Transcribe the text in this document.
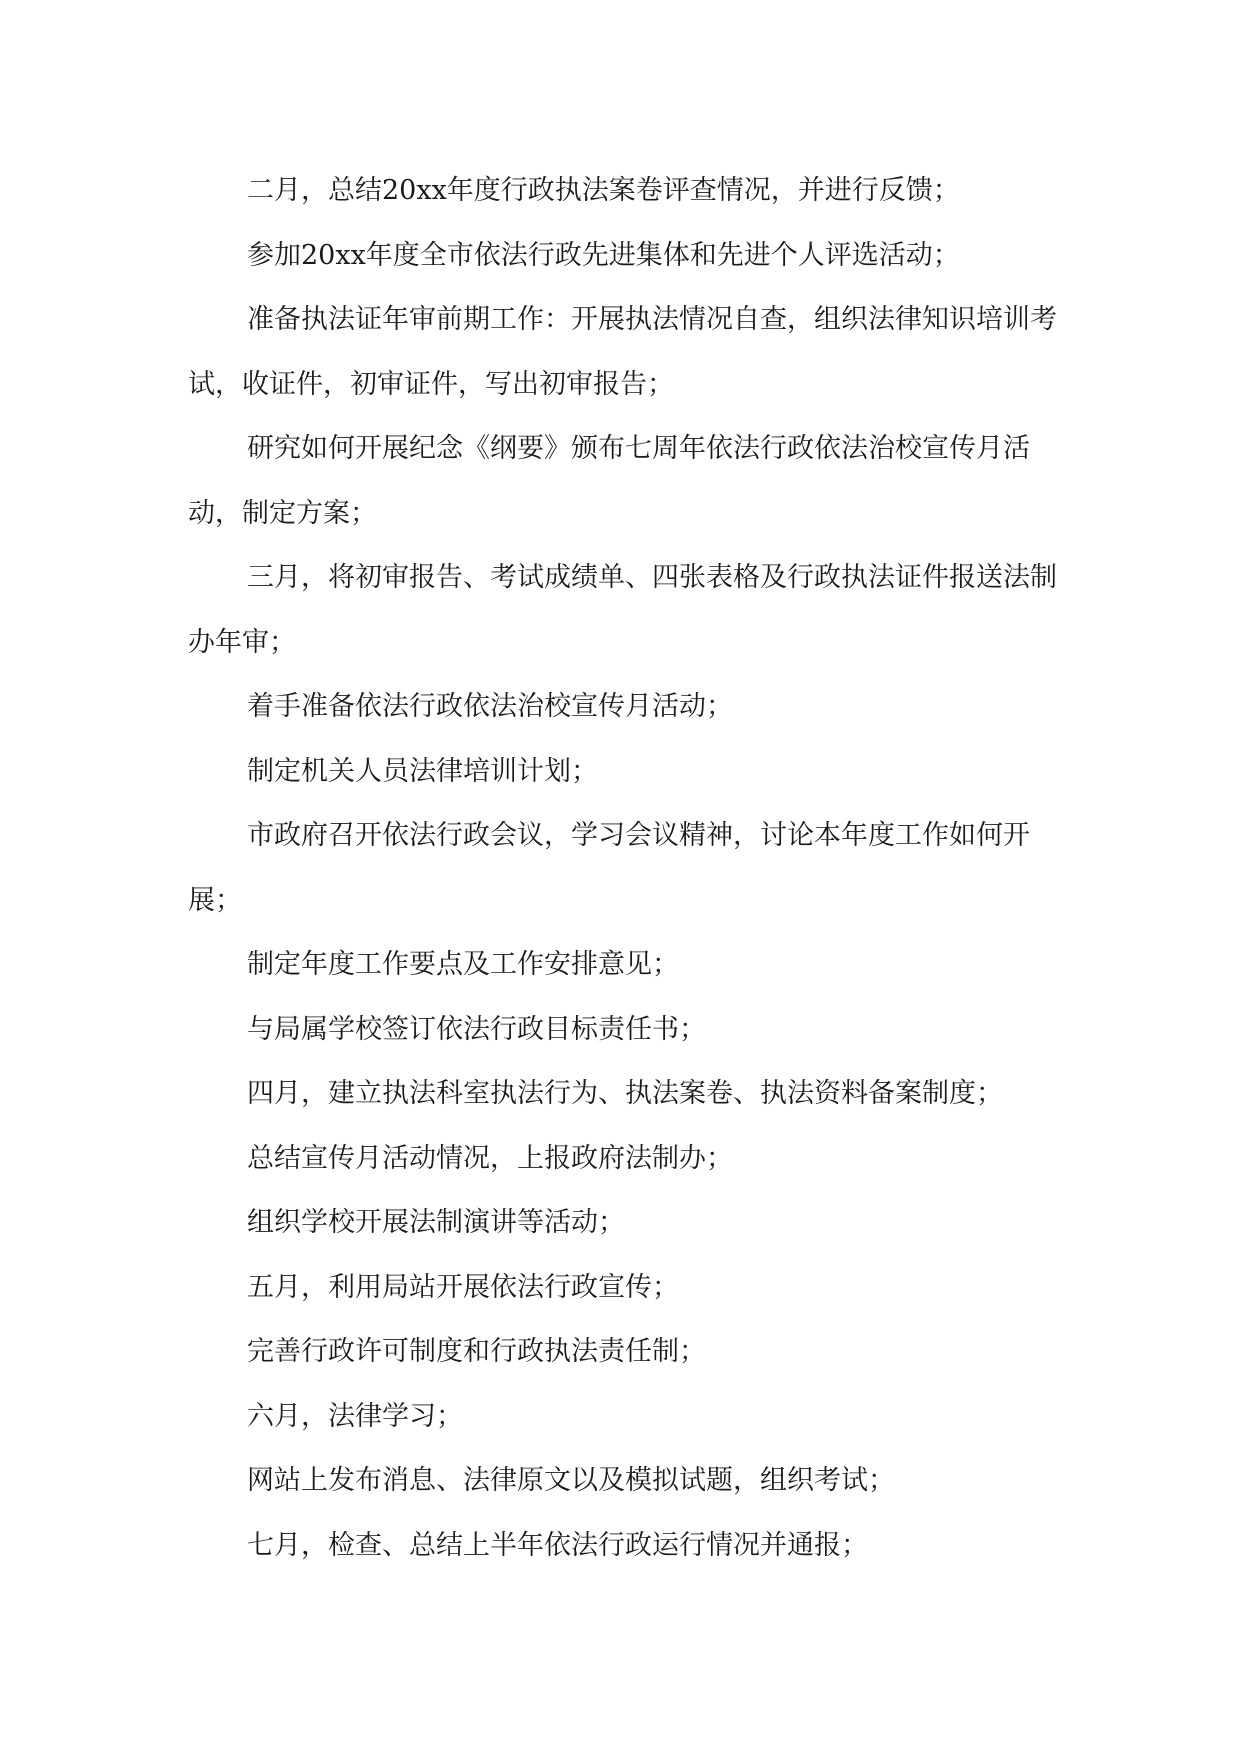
二月，总结20xx年度行政执法案卷评查情况，并进行反馈；

参加20xx年度全市依法行政先进集体和先进个人评选活动；

准备执法证年审前期工作：开展执法情况自查，组织法律知识培训考试，收证件，初审证件，写出初审报告；

研究如何开展纪念《纲要》颁布七周年依法行政依法治校宣传月活动，制定方案；

三月，将初审报告、考试成绩单、四张表格及行政执法证件报送法制办年审；

着手准备依法行政依法治校宣传月活动；

制定机关人员法律培训计划；

市政府召开依法行政会议，学习会议精神，讨论本年度工作如何开展；

制定年度工作要点及工作安排意见；

与局属学校签订依法行政目标责任书；

四月，建立执法科室执法行为、执法案卷、执法资料备案制度；

总结宣传月活动情况，上报政府法制办；

组织学校开展法制演讲等活动；

五月，利用局站开展依法行政宣传；

完善行政许可制度和行政执法责任制；

六月，法律学习；

网站上发布消息、法律原文以及模拟试题，组织考试；

七月，检查、总结上半年依法行政运行情况并通报；
